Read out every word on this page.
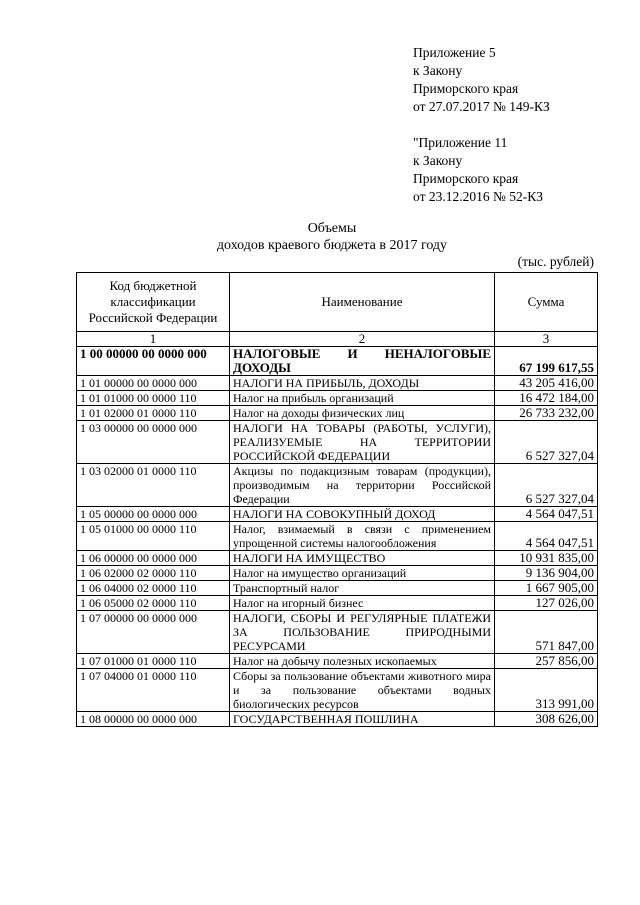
Приложение 5
к Закону
Приморского края
от 27.07.2017 № 149-КЗ
"Приложение 11
к Закону
Приморского края
от 23.12.2016 № 52-КЗ
Объемы
доходов краевого бюджета в 2017 году
(тыс. рублей)
Код бюджетной классификации Российской Федерации	Наименование	Сумма
1	2	3
1 00 00000 00 0000 000	НАЛОГОВЫЕ И НЕНАЛОГОВЫЕ ДОХОДЫ	67 199 617,55
1 01 00000 00 0000 000	НАЛОГИ НА ПРИБЫЛЬ, ДОХОДЫ	43 205 416,00
1 01 01000 00 0000 110	Налог на прибыль организаций	16 472 184,00
1 01 02000 01 0000 110	Налог на доходы физических лиц	26 733 232,00
1 03 00000 00 0000 000	НАЛОГИ НА ТОВАРЫ (РАБОТЫ, УСЛУГИ), РЕАЛИЗУЕМЫЕ НА ТЕРРИТОРИИ РОССИЙСКОЙ ФЕДЕРАЦИИ	6 527 327,04
1 03 02000 01 0000 110	Акцизы по подакцизным товарам (продукции), производимым на территории Российской Федерации	6 527 327,04
1 05 00000 00 0000 000	НАЛОГИ НА СОВОКУПНЫЙ ДОХОД	4 564 047,51
1 05 01000 00 0000 110	Налог, взимаемый в связи с применением упрощенной системы налогообложения	4 564 047,51
1 06 00000 00 0000 000	НАЛОГИ НА ИМУЩЕСТВО	10 931 835,00
1 06 02000 02 0000 110	Налог на имущество организаций	9 136 904,00
1 06 04000 02 0000 110	Транспортный налог	1 667 905,00
1 06 05000 02 0000 110	Налог на игорный бизнес	127 026,00
1 07 00000 00 0000 000	НАЛОГИ, СБОРЫ И РЕГУЛЯРНЫЕ ПЛАТЕЖИ ЗА ПОЛЬЗОВАНИЕ ПРИРОДНЫМИ РЕСУРСАМИ	571 847,00
1 07 01000 01 0000 110	Налог на добычу полезных ископаемых	257 856,00
1 07 04000 01 0000 110	Сборы за пользование объектами животного мира и за пользование объектами водных биологических ресурсов	313 991,00
1 08 00000 00 0000 000	ГОСУДАРСТВЕННАЯ ПОШЛИНА	308 626,00
